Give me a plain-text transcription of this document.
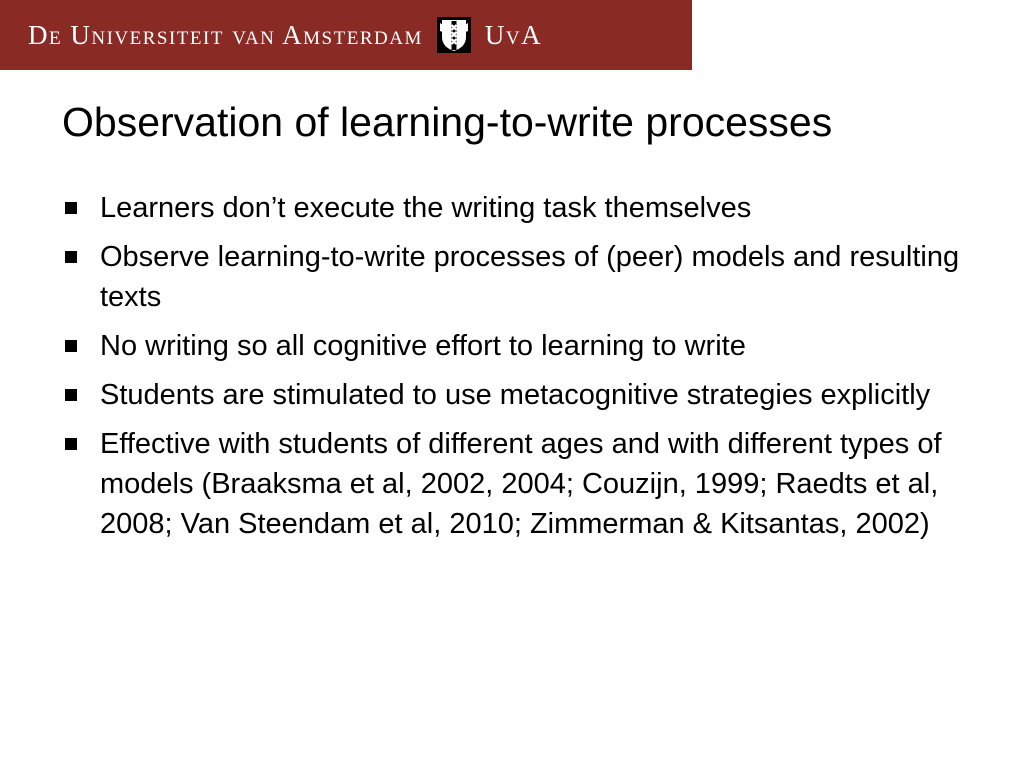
De Universiteit van Amsterdam UvA
Observation of learning-to-write processes
Learners don’t execute the writing task themselves
Observe learning-to-write processes of (peer) models and resulting texts
No writing so all cognitive effort to learning to write
Students are stimulated to use metacognitive strategies explicitly
Effective with students of different ages and with different types of models (Braaksma et al, 2002, 2004; Couzijn, 1999; Raedts et al, 2008; Van Steendam et al, 2010; Zimmerman & Kitsantas, 2002)
